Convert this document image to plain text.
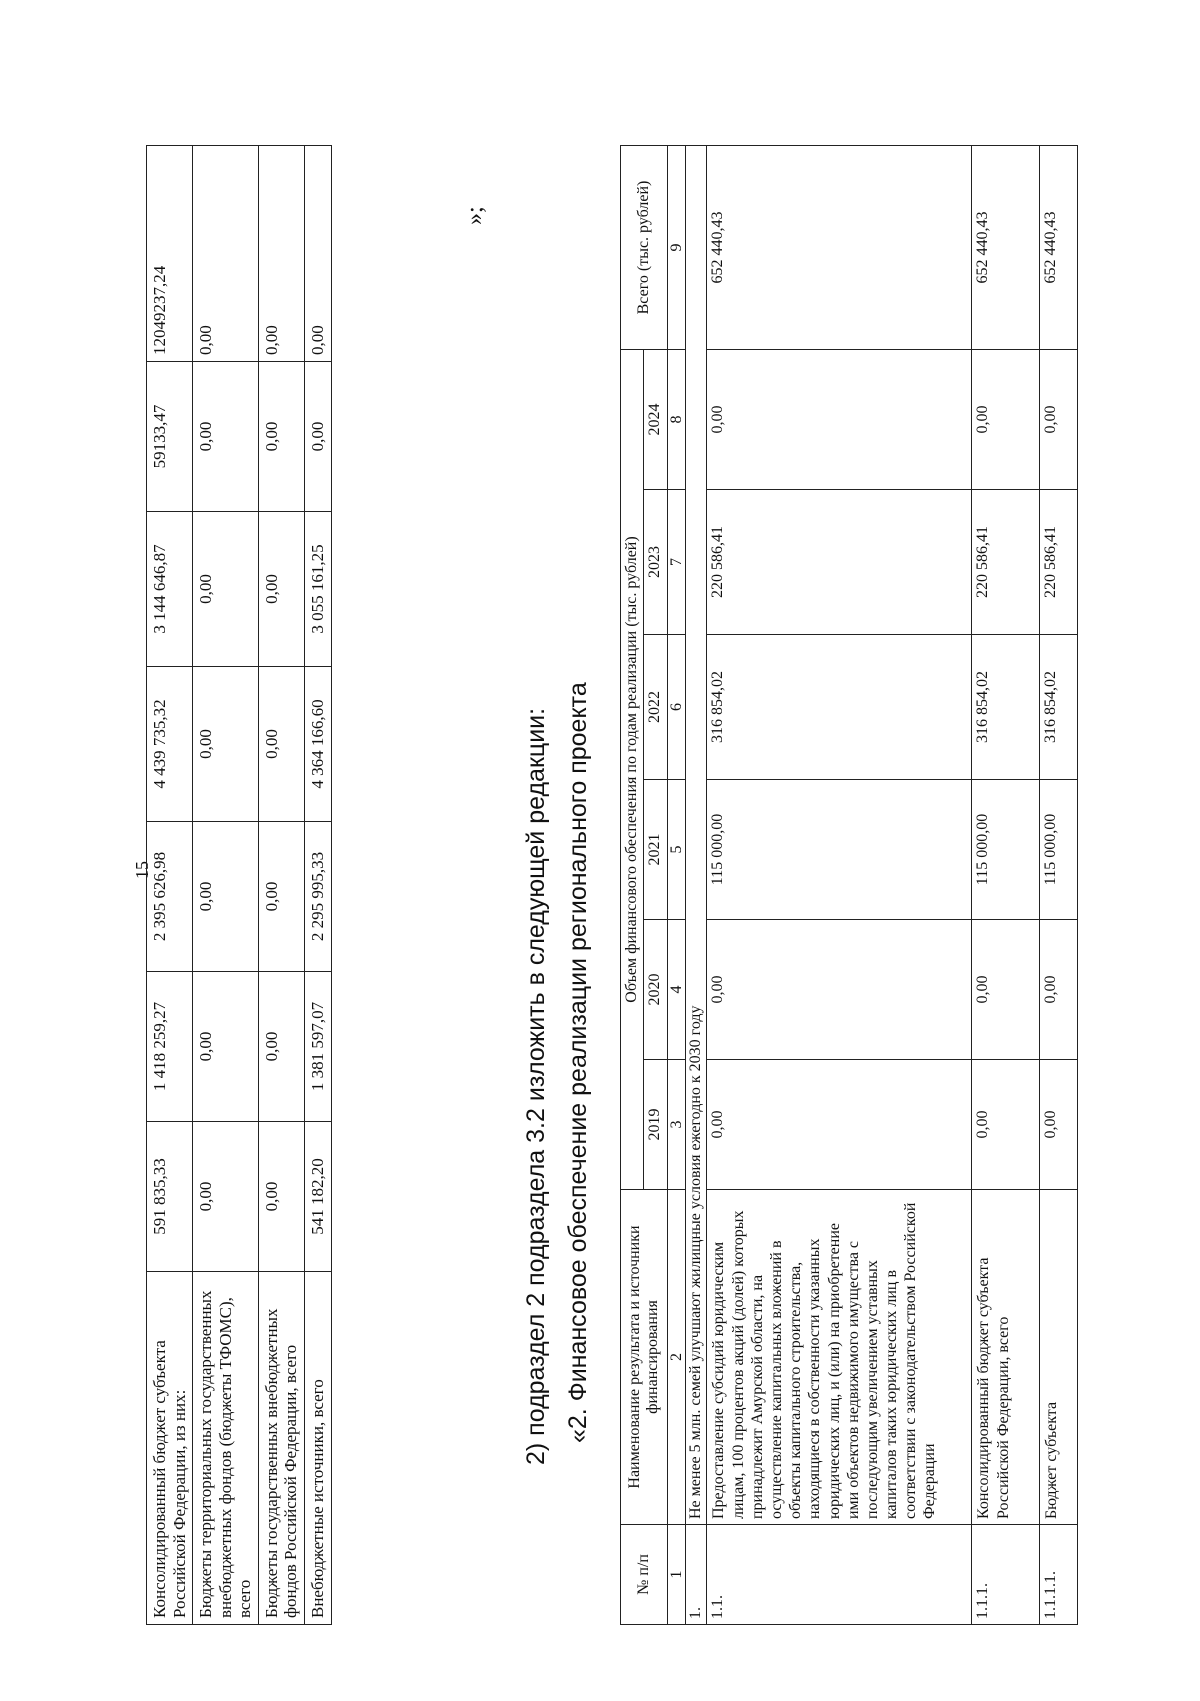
15
Консолидированный бюджет субъекта Российской Федерации, из них:	591 835,33	1 418 259,27	2 395 626,98	4 439 735,32	3 144 646,87	59133,47	12049237,24
Бюджеты территориальных государственных внебюджетных фондов (бюджеты ТФОМС), всего	0,00	0,00	0,00	0,00	0,00	0,00	0,00
Бюджеты государственных внебюджетных фондов Российской Федерации, всего	0,00	0,00	0,00	0,00	0,00	0,00	0,00
Внебюджетные источники, всего	541 182,20	1 381 597,07	2 295 995,33	4 364 166,60	3 055 161,25	0,00	0,00
»;
2) подраздел 2 подраздела 3.2 изложить в следующей редакции: «2. Финансовое обеспечение реализации регионального проекта
№ п/п	Наименование результата и источники финансирования	Объем финансового обеспечения по годам реализации (тыс. рублей)						Всего (тыс. рублей)
		2019	2020	2021	2022	2023	2024	
1	2	3	4	5	6	7	8	9
1.	Не менее 5 млн. семей улучшают жилищные условия ежегодно к 2030 году							
1.1.	Предоставление субсидий юридическим лицам, 100 процентов акций (долей) которых принадлежит Амурской области, на осуществление капитальных вложений в объекты капитального строительства, находящиеся в собственности указанных юридических лиц, и (или) на приобретение ими объектов недвижимого имущества с последующим увеличением уставных капиталов таких юридических лиц в соответствии с законодательством Российской Федерации	0,00	0,00	115 000,00	316 854,02	220 586,41	0,00	652 440,43
1.1.1.	Консолидированный бюджет субъекта Российской Федерации, всего	0,00	0,00	115 000,00	316 854,02	220 586,41	0,00	652 440,43
1.1.1.1.	Бюджет субъекта	0,00	0,00	115 000,00	316 854,02	220 586,41	0,00	652 440,43
